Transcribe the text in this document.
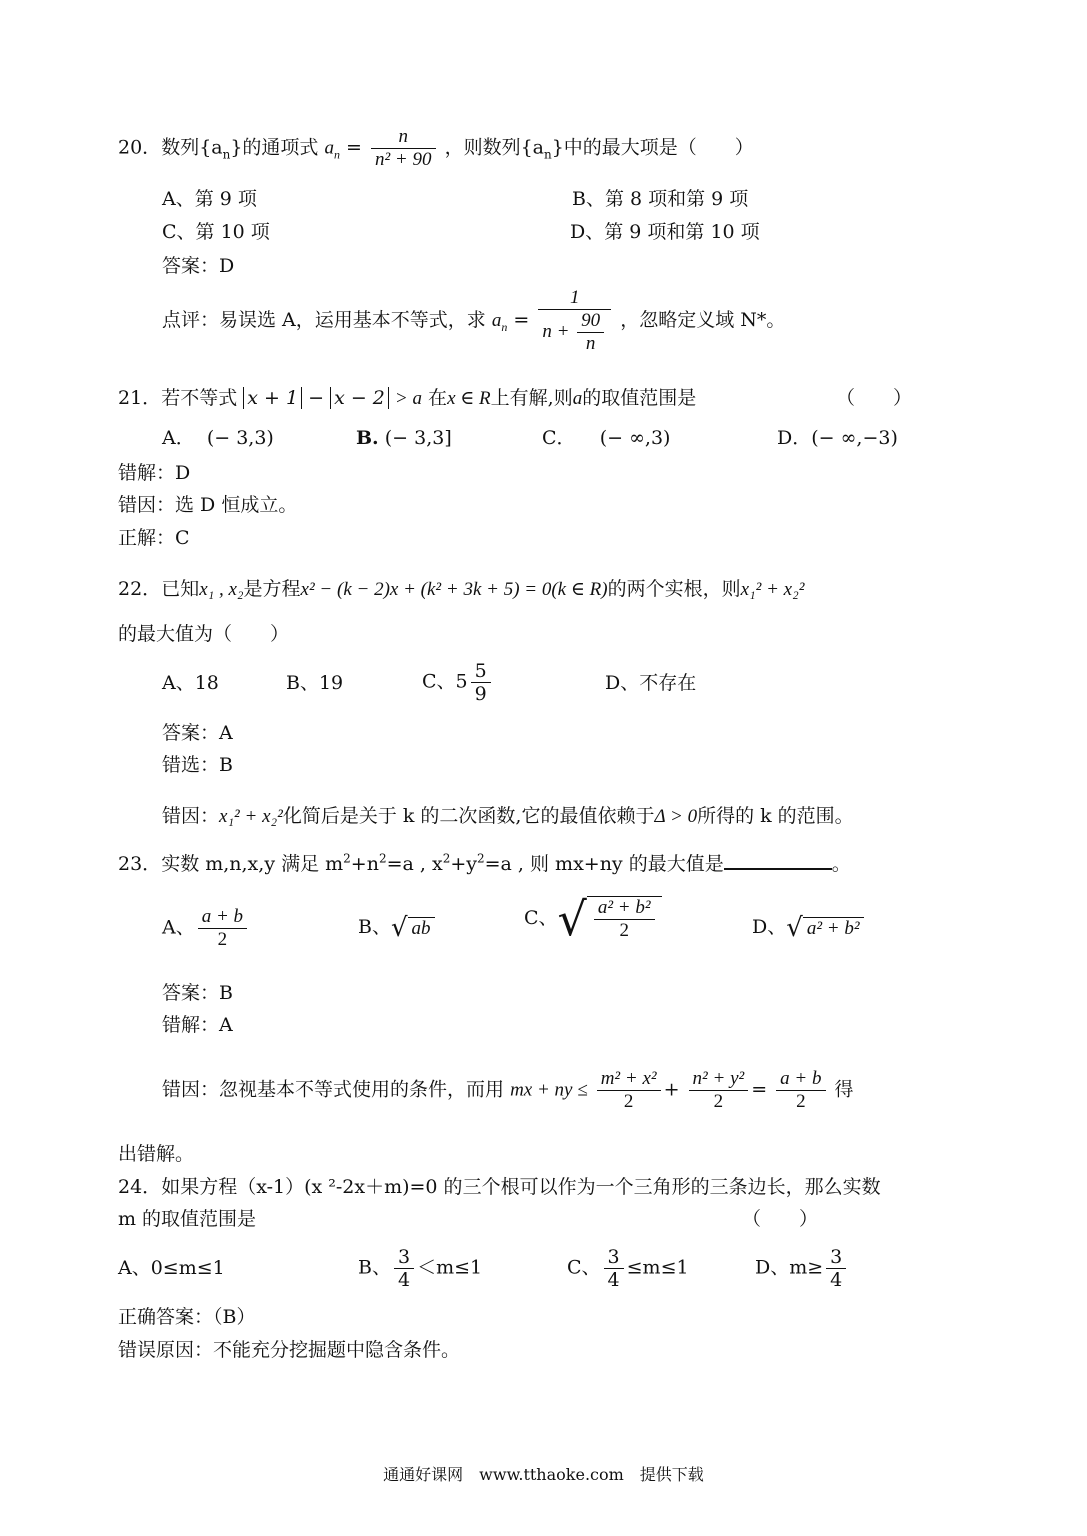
20．数列$\{a_n\}$的通项式 $a_n = \frac{n}{\text{n² + 90}}$ ，则数列$\{a_n\}$中的最大项是（　　）
A、第 9 项	B、第 8 项和第 9 项
C、第 10 项	D、第 9 项和第 10 项
答案：D
点评：易误选 A，运用基本不等式，求 $a_n = \frac{1}{n + \frac{90}{n}}$ ，忽略定义域 N*。
21．若不等式 x + 1 − x − 2 > a 在x ∈ R上有解,则a的取值范围是	（　　）
A． (− 3,3)	B. (− 3,3]	C． (− ∞,3)	D．(− ∞,−3)
错解：D
错因：选 D 恒成立。
正解：C
22．已知x₁ , x₂是方程x² − (k − 2)x + (k² + 3k + 5) = 0(k ∈ R)的两个实根，则x₁² + x₂²
的最大值为（　　）
A、18	B、19	C、$5 \frac{5}{9}$	D、不存在
答案：A
错选：B
错因：x₁² + x₂²化简后是关于 k 的二次函数,它的最值依赖于Δ > 0所得的 k 的范围。
23．实数 m,n,x,y 满足 $m^2+n^2=a$ , $x^2+y^2=a$ , 则 mx+ny 的最大值是	。
A、 $\frac{a + b}{2}$	B、√ ab	C、√ $\frac{\text{a² + b²}}{2}$	D、√ a² + b²
答案：B
错解：A
错因：忽视基本不等式使用的条件，而用 mx + ny ≤ $\frac{\text{m² + x²}}{2} + \frac{\text{n² + y²}}{2} = \frac{a + b}{2}$ 得
出错解。
24．如果方程（x-1）(x ²-2x＋m)=0 的三个根可以作为一个三角形的三条边长，那么实数
m 的取值范围是	（　　）
A、0≤m≤1	B、 $\frac{3}{4} <m\le 1$	C、 $\frac{3}{4} \le m\le 1$	D、$m\ge \frac{3}{4}$
正确答案：（B）
错误原因：不能充分挖掘题中隐含条件。
通通好课网　www.tthaoke.com　提供下载
